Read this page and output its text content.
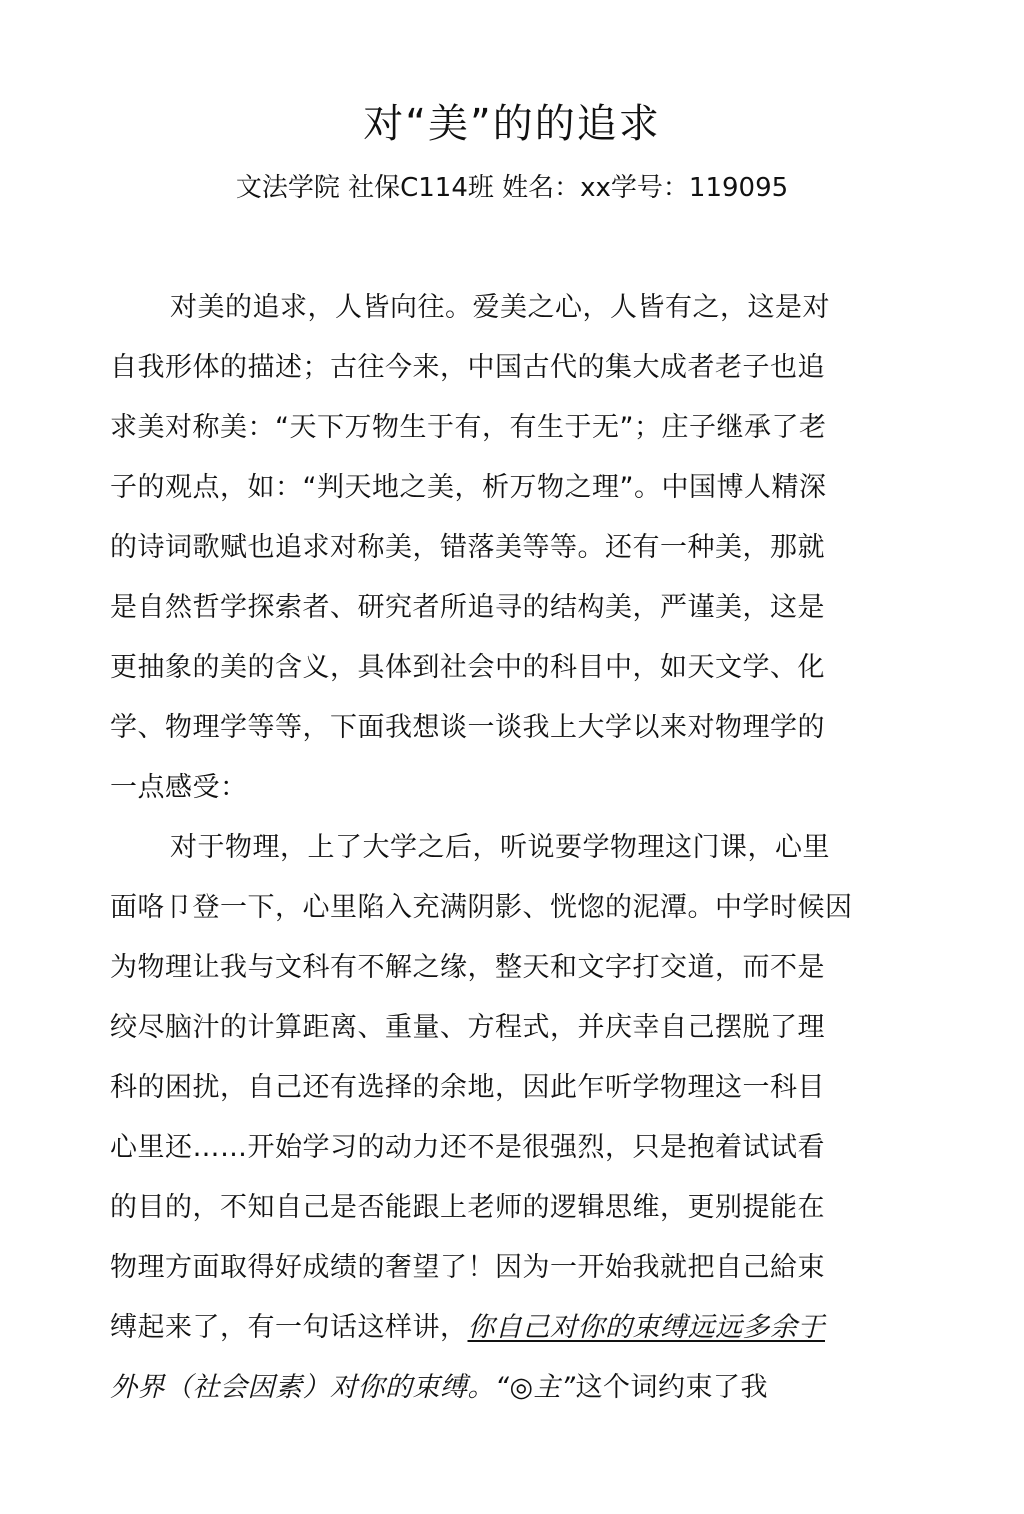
对“美”的的追求

文法学院 社保C114班 姓名：xx学号：119095

对美的追求，人皆向往。爱美之心，人皆有之，这是对
自我形体的描述；古往今来，中国古代的集大成者老子也追
求美对称美：“天下万物生于有，有生于无”；庄子继承了老
子的观点，如：“判天地之美，析万物之理”。中国博人精深
的诗词歌赋也追求对称美，错落美等等。还有一种美，那就
是自然哲学探索者、研究者所追寻的结构美，严谨美，这是
更抽象的美的含义，具体到社会中的科目中，如天文学、化
学、物理学等等，下面我想谈一谈我上大学以来对物理学的
一点感受：
对于物理，上了大学之后，听说要学物理这门课，心里
面咯卩登一下，心里陷入充满阴影、恍惚的泥潭。中学时候因
为物理让我与文科有不解之缘，整天和文字打交道，而不是
绞尽脑汁的计算距离、重量、方程式，并庆幸自己摆脱了理
科的困扰，自己还有选择的余地，因此乍听学物理这一科目
心里还……开始学习的动力还不是很强烈，只是抱着试试看
的目的，不知自己是否能跟上老师的逻辑思维，更别提能在
物理方面取得好成绩的奢望了！因为一开始我就把自己給束
缚起来了，有一句话这样讲，你自己对你的束缚远远多余于
外界（社会因素）对你的束缚。“◎主”这个词约束了我
